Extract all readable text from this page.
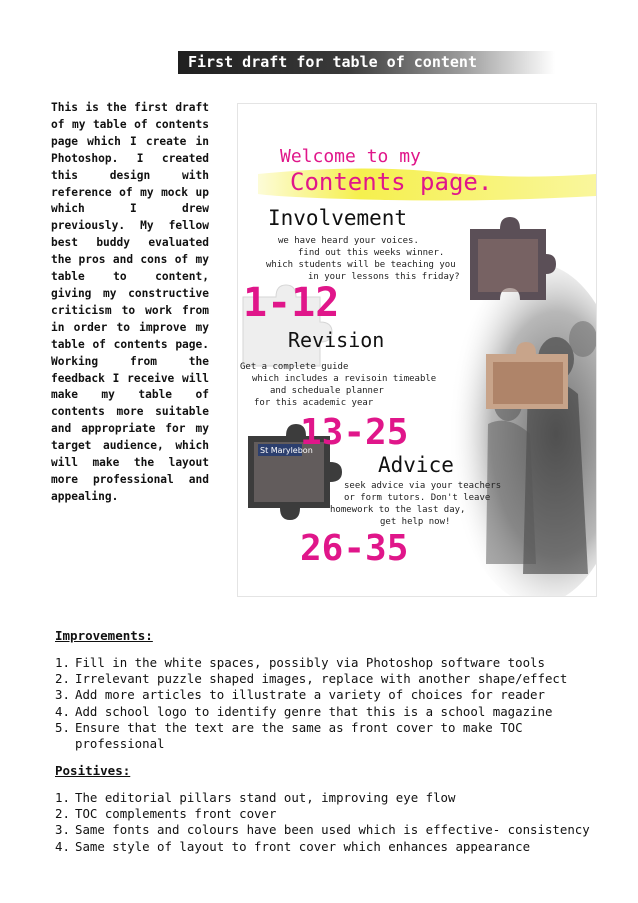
First draft for table of content
This is the first draft of my table of contents page which I create in Photoshop. I created this design with reference of my mock up which I drew previously. My fellow best buddy evaluated the pros and cons of my table to content, giving my constructive criticism to work from in order to improve my table of contents page. Working from the feedback I receive will make my table of contents more suitable and appropriate for my target audience, which will make the layout more professional and appealing.
St Marylebon
Welcome to my
Contents page.
Involvement
we have heard your voices.
find out this weeks winner.
which students will be teaching you
in your lessons this friday?
1-12
Revision
Get a complete guide
which includes a revisoin timeable
and scheduale planner
for this academic year
13-25
Advice
seek advice via your teachers
or form tutors. Don't leave
homework to the last day,
get help now!
26-35
Improvements:
1. Fill in the white spaces, possibly via Photoshop software tools
2. Irrelevant puzzle shaped images, replace with another shape/effect
3. Add more articles to illustrate a variety of choices for reader
4. Add school logo to identify genre that this is a school magazine
5. Ensure that the text are the same as front cover to make TOC professional
Positives:
1. The editorial pillars stand out, improving eye flow
2. TOC complements front cover
3. Same fonts and colours have been used which is effective- consistency
4. Same style of layout to front cover which enhances appearance
